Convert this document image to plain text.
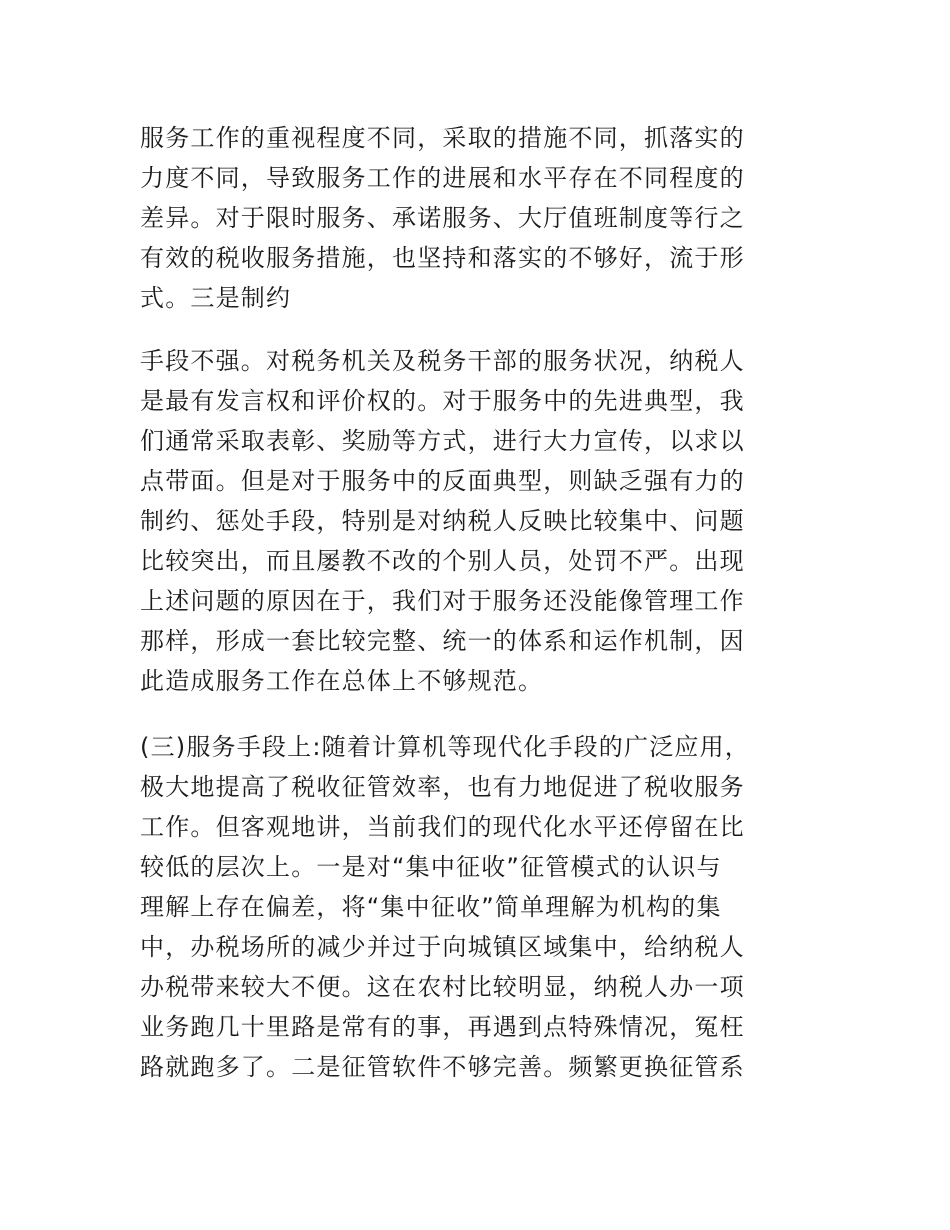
服务工作的重视程度不同，采取的措施不同，抓落实的
力度不同，导致服务工作的进展和水平存在不同程度的
差异。对于限时服务、承诺服务、大厅值班制度等行之
有效的税收服务措施，也坚持和落实的不够好，流于形
式。三是制约

手段不强。对税务机关及税务干部的服务状况，纳税人
是最有发言权和评价权的。对于服务中的先进典型，我
们通常采取表彰、奖励等方式，进行大力宣传，以求以
点带面。但是对于服务中的反面典型，则缺乏强有力的
制约、惩处手段，特别是对纳税人反映比较集中、问题
比较突出，而且屡教不改的个别人员，处罚不严。出现
上述问题的原因在于，我们对于服务还没能像管理工作
那样，形成一套比较完整、统一的体系和运作机制，因
此造成服务工作在总体上不够规范。

(三)服务手段上:随着计算机等现代化手段的广泛应用，
极大地提高了税收征管效率，也有力地促进了税收服务
工作。但客观地讲，当前我们的现代化水平还停留在比
较低的层次上。一是对“集中征收”征管模式的认识与
理解上存在偏差，将“集中征收”简单理解为机构的集
中，办税场所的减少并过于向城镇区域集中，给纳税人
办税带来较大不便。这在农村比较明显，纳税人办一项
业务跑几十里路是常有的事，再遇到点特殊情况，冤枉
路就跑多了。二是征管软件不够完善。频繁更换征管系
